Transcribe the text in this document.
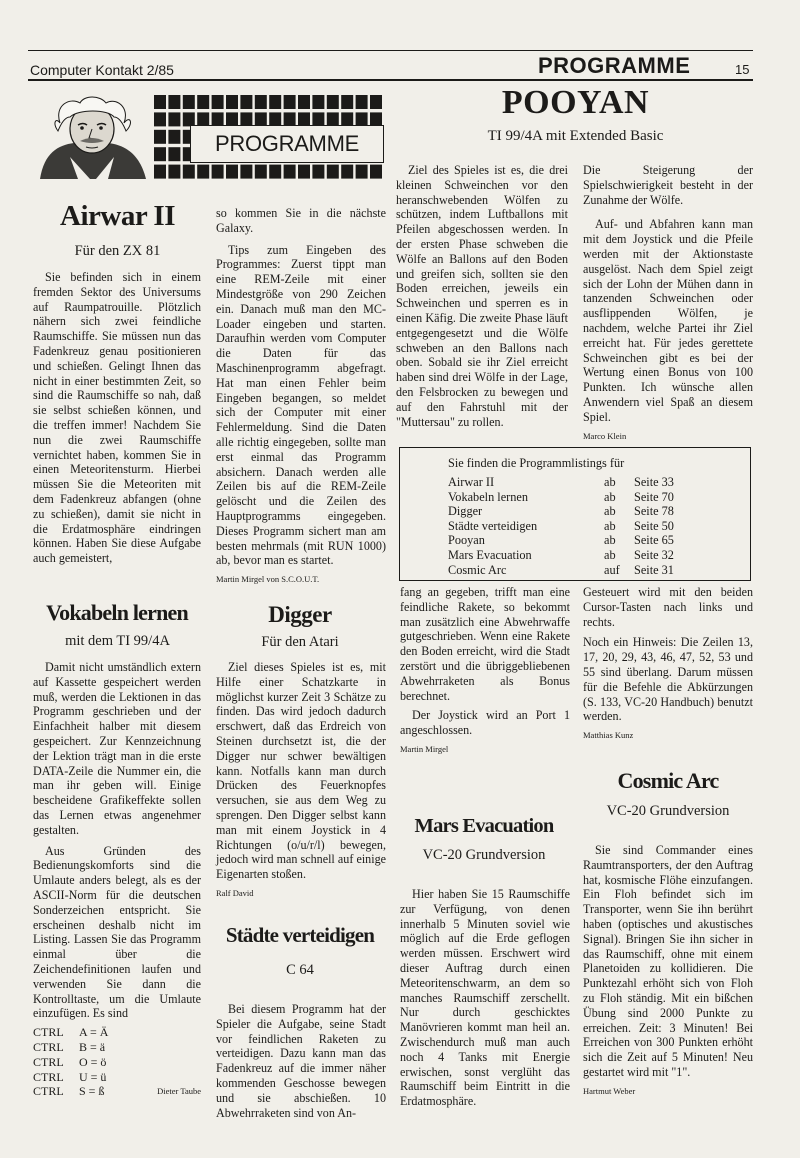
Computer Kontakt 2/85	PROGRAMME	15
PROGRAMME
POOYAN
TI 99/4A mit Extended Basic

Ziel des Spieles ist es, die drei kleinen Schweinchen vor den heranschwebenden Wölfen zu schützen, indem Luftballons mit Pfeilen abgeschossen werden. In der ersten Phase schweben die Wölfe an Ballons auf den Boden und greifen sich, sollten sie den Boden erreichen, jeweils ein Schweinchen und sperren es in einen Käfig. Die zweite Phase läuft entgegengesetzt und die Wölfe schweben an den Ballons nach oben. Sobald sie ihr Ziel erreicht haben sind drei Wölfe in der Lage, den Felsbrocken zu bewegen und auf den Fahrstuhl mit der "Muttersau" zu rollen.

Die Steigerung der Spielschwierigkeit besteht in der Zunahme der Wölfe.

Auf- und Abfahren kann man mit dem Joystick und die Pfeile werden mit der Aktionstaste ausgelöst. Nach dem Spiel zeigt sich der Lohn der Mühen dann in tanzenden Schweinchen oder ausflippenden Wölfen, je nachdem, welche Partei ihr Ziel erreicht hat. Für jedes gerettete Schweinchen gibt es bei der Wertung einen Bonus von 100 Punkten. Ich wünsche allen Anwendern viel Spaß an diesem Spiel.

Marco Klein
Sie finden die Programmlistings für
Airwar II	ab	Seite 33
Vokabeln lernen	ab	Seite 70
Digger	ab	Seite 78
Städte verteidigen	ab	Seite 50
Pooyan	ab	Seite 65
Mars Evacuation	ab	Seite 32
Cosmic Arc	auf	Seite 31
Airwar II
Für den ZX 81

Sie befinden sich in einem fremden Sektor des Universums auf Raumpatrouille. Plötzlich nähern sich zwei feindliche Raumschiffe. Sie müssen nun das Fadenkreuz genau positionieren und schießen. Gelingt Ihnen das nicht in einer bestimmten Zeit, so sind die Raumschiffe so nah, daß sie selbst schießen können, und die treffen immer! Nachdem Sie nun die zwei Raumschiffe vernichtet haben, kommen Sie in einen Meteoritensturm. Hierbei müssen Sie die Meteoriten mit dem Fadenkreuz abfangen (ohne zu schießen), damit sie nicht in die Erdatmosphäre eindringen können. Haben Sie diese Aufgabe auch gemeistert,

so kommen Sie in die nächste Galaxy.

Tips zum Eingeben des Programmes: Zuerst tippt man eine REM-Zeile mit einer Mindestgröße von 290 Zeichen ein. Danach muß man den MC-Loader eingeben und starten. Daraufhin werden vom Computer die Daten für das Maschinenprogramm abgefragt. Hat man einen Fehler beim Eingeben begangen, so meldet sich der Computer mit einer Fehlermeldung. Sind die Daten alle richtig eingegeben, sollte man erst einmal das Programm absichern. Danach werden alle Zeilen bis auf die REM-Zeile gelöscht und die Zeilen des Hauptprogramms eingegeben. Dieses Programm sichert man am besten mehrmals (mit RUN 1000) ab, bevor man es startet.

Martin Mirgel von S.C.O.U.T.
Vokabeln lernen
mit dem TI 99/4A

Damit nicht umständlich extern auf Kassette gespeichert werden muß, werden die Lektionen in das Programm geschrieben und der Einfachheit halber mit diesem gespeichert. Zur Kennzeichnung der Lektion trägt man in die erste DATA-Zeile die Nummer ein, die man ihr geben will. Einige bescheidene Grafikeffekte sollen das Lernen etwas angenehmer gestalten.

Aus Gründen des Bedienungskomforts sind die Umlaute anders belegt, als es der ASCII-Norm für die deutschen Sonderzeichen entspricht. Sie erscheinen deshalb nicht im Listing. Lassen Sie das Programm einmal über die Zeichendefinitionen laufen und verwenden Sie dann die Kontrolltaste, um die Umlaute einzufügen. Es sind

CTRL	A = Ä	
CTRL	B = ä	
CTRL	O = ö	
CTRL	U = ü	
CTRL	S = ß	Dieter Taube
Digger
Für den Atari

Ziel dieses Spieles ist es, mit Hilfe einer Schatzkarte in möglichst kurzer Zeit 3 Schätze zu finden. Das wird jedoch dadurch erschwert, daß das Erdreich von Steinen durchsetzt ist, die der Digger nur schwer bewältigen kann. Notfalls kann man durch Drücken des Feuerknopfes versuchen, sie aus dem Weg zu sprengen. Den Digger selbst kann man mit einem Joystick in 4 Richtungen (o/u/r/l) bewegen, jedoch wird man schnell auf einige Eigenarten stoßen.

Ralf David
Städte verteidigen
C 64

Bei diesem Programm hat der Spieler die Aufgabe, seine Stadt vor feindlichen Raketen zu verteidigen. Dazu kann man das Fadenkreuz auf die immer näher kommenden Geschosse bewegen und sie abschießen. 10 Abwehrraketen sind von An-

fang an gegeben, trifft man eine feindliche Rakete, so bekommt man zusätzlich eine Abwehrwaffe gutgeschrieben. Wenn eine Rakete den Boden erreicht, wird die Stadt zerstört und die übriggebliebenen Abwehrraketen als Bonus berechnet.

Der Joystick wird an Port 1 angeschlossen.

Martin Mirgel
Mars Evacuation
VC-20 Grundversion

Hier haben Sie 15 Raumschiffe zur Verfügung, von denen innerhalb 5 Minuten soviel wie möglich auf die Erde geflogen werden müssen. Erschwert wird dieser Auftrag durch einen Meteoritenschwarm, an dem so manches Raumschiff zerschellt. Nur durch geschicktes Manövrieren kommt man heil an. Zwischendurch muß man auch noch 4 Tanks mit Energie erwischen, sonst verglüht das Raumschiff beim Eintritt in die Erdatmosphäre.

Gesteuert wird mit den beiden Cursor-Tasten nach links und rechts.

Noch ein Hinweis: Die Zeilen 13, 17, 20, 29, 43, 46, 47, 52, 53 und 55 sind überlang. Darum müssen für die Befehle die Abkürzungen (S. 133, VC-20 Handbuch) benutzt werden.

Matthias Kunz
Cosmic Arc
VC-20 Grundversion

Sie sind Commander eines Raumtransporters, der den Auftrag hat, kosmische Flöhe einzufangen. Ein Floh befindet sich im Transporter, wenn Sie ihn berührt haben (optisches und akustisches Signal). Bringen Sie ihn sicher in das Raumschiff, ohne mit einem Planetoiden zu kollidieren. Die Punktezahl erhöht sich von Floh zu Floh ständig. Mit ein bißchen Übung sind 2000 Punkte zu erreichen. Zeit: 3 Minuten! Bei Erreichen von 300 Punkten erhöht sich die Zeit auf 5 Minuten! Neu gestartet wird mit "1".

Hartmut Weber
